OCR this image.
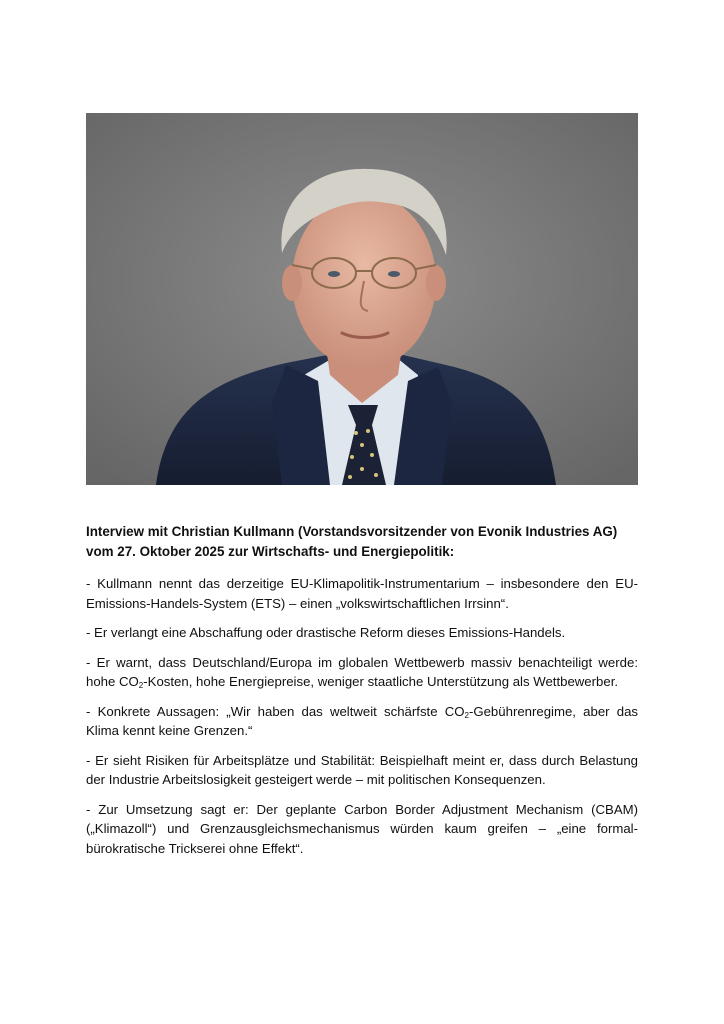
Interview mit Christian Kullmann (Vorstandsvorsitzender von Evonik Industries AG)
vom 27. Oktober 2025 zur Wirtschafts- und Energiepolitik:

- Kullmann nennt das derzeitige EU-Klimapolitik-Instrumentarium – insbesondere den EU-Emissions-Handels-System (ETS) – einen „volkswirtschaftlichen Irrsinn“.

- Er verlangt eine Abschaffung oder drastische Reform dieses Emissions-Handels.

- Er warnt, dass Deutschland/Europa im globalen Wettbewerb massiv benachteiligt werde: hohe $CO_2$-Kosten, hohe Energiepreise, weniger staatliche Unterstützung als Wettbewerber.

- Konkrete Aussagen: „Wir haben das weltweit schärfste $CO_2$-Gebührenregime, aber das Klima kennt keine Grenzen.“

- Er sieht Risiken für Arbeitsplätze und Stabilität: Beispielhaft meint er, dass durch Belastung der Industrie Arbeitslosigkeit gesteigert werde – mit politischen Konsequenzen.

- Zur Umsetzung sagt er: Der geplante Carbon Border Adjustment Mechanism (CBAM) („Klimazoll“) und Grenzausgleichsmechanismus würden kaum greifen – „eine formal-bürokratische Trickserei ohne Effekt“.
